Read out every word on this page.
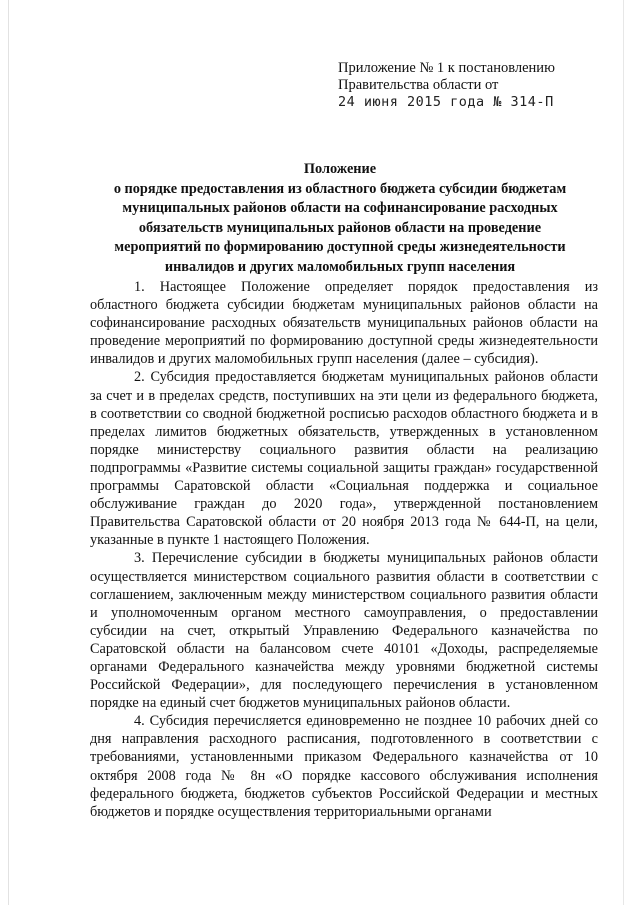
Приложение № 1 к постановлению
Правительства области от
24 июня 2015 года № 314-П
Положение
о порядке предоставления из областного бюджета субсидии бюджетам
муниципальных районов области на софинансирование расходных
обязательств муниципальных районов области на проведение
мероприятий по формированию доступной среды жизнедеятельности
инвалидов и других маломобильных групп населения

1. Настоящее Положение определяет порядок предоставления из областного бюджета субсидии бюджетам муниципальных районов области на софинансирование расходных обязательств муниципальных районов области на проведение мероприятий по формированию доступной среды жизнедеятельности инвалидов и других маломобильных групп населения (далее – субсидия).

2. Субсидия предоставляется бюджетам муниципальных районов области за счет и в пределах средств, поступивших на эти цели из федерального бюджета, в соответствии со сводной бюджетной росписью расходов областного бюджета и в пределах лимитов бюджетных обязательств, утвержденных в установленном порядке министерству социального развития области на реализацию подпрограммы «Развитие системы социальной защиты граждан» государственной программы Саратовской области «Социальная поддержка и социальное обслуживание граждан до 2020 года», утвержденной постановлением Правительства Саратовской области от 20 ноября 2013 года № 644-П, на цели, указанные в пункте 1 настоящего Положения.

3. Перечисление субсидии в бюджеты муниципальных районов области осуществляется министерством социального развития области в соответствии с соглашением, заключенным между министерством социального развития области и уполномоченным органом местного самоуправления, о предоставлении субсидии на счет, открытый Управлению Федерального казначейства по Саратовской области на балансовом счете 40101 «Доходы, распределяемые органами Федерального казначейства между уровнями бюджетной системы Российской Федерации», для последующего перечисления в установленном порядке на единый счет бюджетов муниципальных районов области.

4. Субсидия перечисляется единовременно не позднее 10 рабочих дней со дня направления расходного расписания, подготовленного в соответствии с требованиями, установленными приказом Федерального казначейства от 10 октября 2008 года № 8н «О порядке кассового обслуживания исполнения федерального бюджета, бюджетов субъектов Российской Федерации и местных бюджетов и порядке осуществления территориальными органами
